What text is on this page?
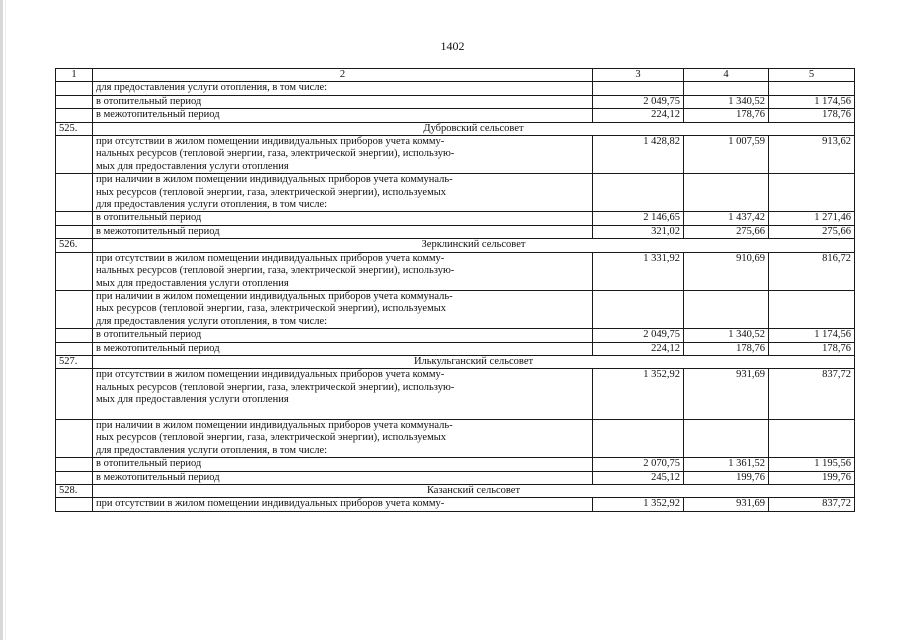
1402
1	2	3	4	5

	для предоставления услуги отопления, в том числе:			

	в отопительный период	2 049,75	1 340,52	1 174,56

	в межотопительный период	224,12	178,76	178,76
525.	Дубровский сельсовет			

	при отсутствии в жилом помещении индивидуальных приборов учета комму-
нальных ресурсов (тепловой энергии, газа, электрической энергии), использую-
мых для предоставления услуги отопления	1 428,82	1 007,59	913,62

	при наличии в жилом помещении индивидуальных приборов учета коммуналь-
ных ресурсов (тепловой энергии, газа, электрической энергии), используемых
для предоставления услуги отопления, в том числе:			

	в отопительный период	2 146,65	1 437,42	1 271,46

	в межотопительный период	321,02	275,66	275,66
526.	Зерклинский сельсовет			

	при отсутствии в жилом помещении индивидуальных приборов учета комму-
нальных ресурсов (тепловой энергии, газа, электрической энергии), использую-
мых для предоставления услуги отопления	1 331,92	910,69	816,72

	при наличии в жилом помещении индивидуальных приборов учета коммуналь-
ных ресурсов (тепловой энергии, газа, электрической энергии), используемых
для предоставления услуги отопления, в том числе:			

	в отопительный период	2 049,75	1 340,52	1 174,56

	в межотопительный период	224,12	178,76	178,76
527.	Илькульганский сельсовет			

	при отсутствии в жилом помещении индивидуальных приборов учета комму-
нальных ресурсов (тепловой энергии, газа, электрической энергии), использую-
мых для предоставления услуги отопления	1 352,92	931,69	837,72

	при наличии в жилом помещении индивидуальных приборов учета коммуналь-
ных ресурсов (тепловой энергии, газа, электрической энергии), используемых
для предоставления услуги отопления, в том числе:			

	в отопительный период	2 070,75	1 361,52	1 195,56

	в межотопительный период	245,12	199,76	199,76
528.	Казанский сельсовет			

	при отсутствии в жилом помещении индивидуальных приборов учета комму-	1 352,92	931,69	837,72
